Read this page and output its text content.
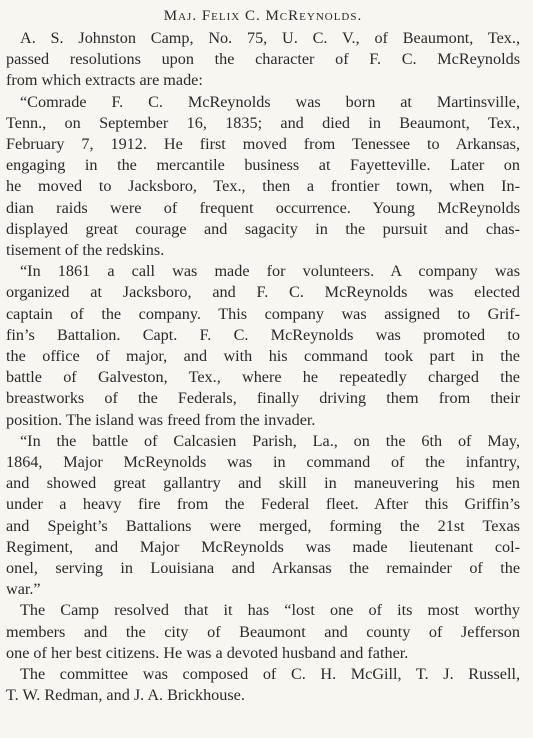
Maj. Felix C. McReynolds.
A. S. Johnston Camp, No. 75, U. C. V., of Beaumont, Tex.,
passed resolutions upon the character of F. C. McReynolds
from which extracts are made:
“Comrade F. C. McReynolds was born at Martinsville,
Tenn., on September 16, 1835; and died in Beaumont, Tex.,
February 7, 1912. He first moved from Tenessee to Arkansas,
engaging in the mercantile business at Fayetteville. Later on
he moved to Jacksboro, Tex., then a frontier town, when In-
dian raids were of frequent occurrence. Young McReynolds
displayed great courage and sagacity in the pursuit and chas-
tisement of the redskins.
“In 1861 a call was made for volunteers. A company was
organized at Jacksboro, and F. C. McReynolds was elected
captain of the company. This company was assigned to Grif-
fin’s Battalion. Capt. F. C. McReynolds was promoted to
the office of major, and with his command took part in the
battle of Galveston, Tex., where he repeatedly charged the
breastworks of the Federals, finally driving them from their
position. The island was freed from the invader.
“In the battle of Calcasien Parish, La., on the 6th of May,
1864, Major McReynolds was in command of the infantry,
and showed great gallantry and skill in maneuvering his men
under a heavy fire from the Federal fleet. After this Griffin’s
and Speight’s Battalions were merged, forming the 21st Texas
Regiment, and Major McReynolds was made lieutenant col-
onel, serving in Louisiana and Arkansas the remainder of the
war.”
The Camp resolved that it has “lost one of its most worthy
members and the city of Beaumont and county of Jefferson
one of her best citizens. He was a devoted husband and father.
The committee was composed of C. H. McGill, T. J. Russell,
T. W. Redman, and J. A. Brickhouse.
